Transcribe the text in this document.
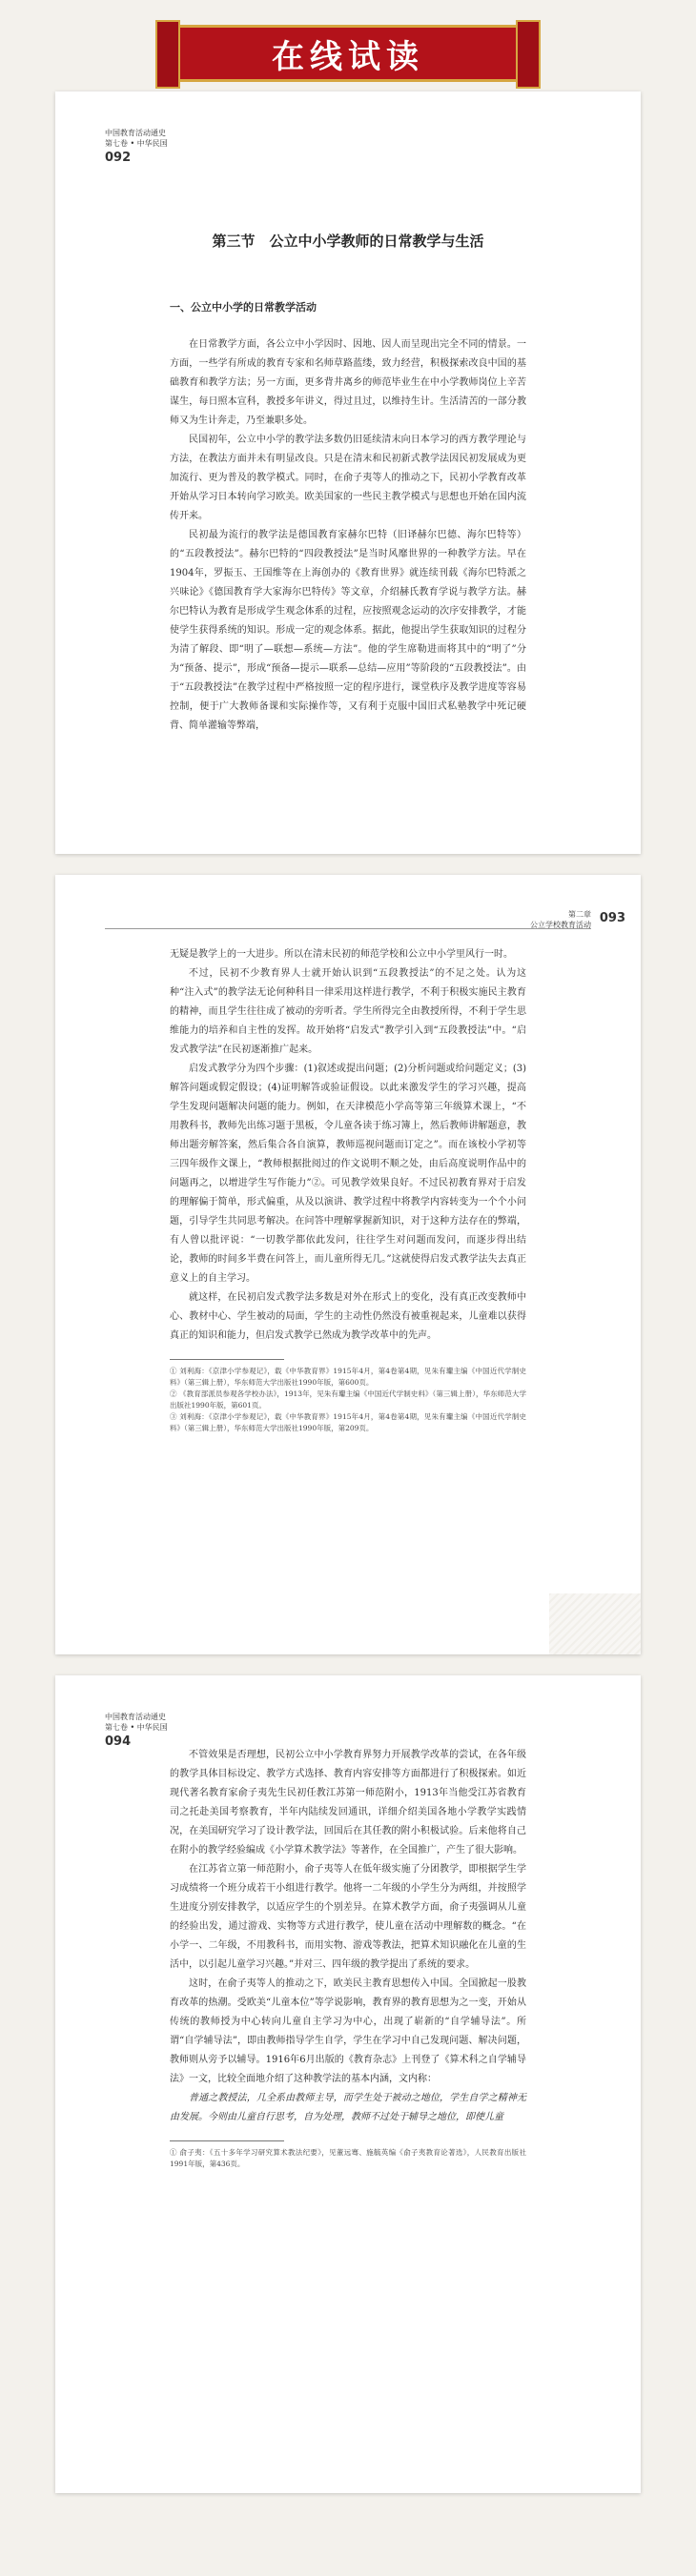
在线试读
中国教育活动通史
第七卷 • 中华民国
092
第三节　公立中小学教师的日常教学与生活
一、公立中小学的日常教学活动

在日常教学方面，各公立中小学因时、因地、因人而呈现出完全不同的情景。一方面，一些学有所成的教育专家和名师草路蓝缕，致力经营，积极探索改良中国的基础教育和教学方法；另一方面，更多背井离乡的师范毕业生在中小学教师岗位上辛苦谋生，每日照本宣科，教授多年讲义，得过且过，以维持生计。生活清苦的一部分教师又为生计奔走，乃至兼职多处。

民国初年，公立中小学的教学法多数仍旧延续清末向日本学习的西方教学理论与方法，在教法方面并未有明显改良。只是在清末和民初新式教学法因民初发展成为更加流行、更为普及的教学模式。同时，在俞子夷等人的推动之下，民初小学教育改革开始从学习日本转向学习欧美。欧美国家的一些民主教学模式与思想也开始在国内流传开来。

民初最为流行的教学法是德国教育家赫尔巴特（旧译赫尔巴德、海尔巴特等）的“五段教授法”。赫尔巴特的“四段教授法”是当时风靡世界的一种教学方法。早在1904年，罗振玉、王国维等在上海创办的《教育世界》就连续刊载《海尔巴特派之兴味论》《德国教育学大家海尔巴特传》等文章，介绍赫氏教育学说与教学方法。赫尔巴特认为教育是形成学生观念体系的过程，应按照观念运动的次序安排教学，才能使学生获得系统的知识。形成一定的观念体系。据此，他提出学生获取知识的过程分为清了解段、即“明了—联想—系统—方法”。他的学生席勒进而将其中的“明了”分为“预备、提示”，形成“预备—提示—联系—总结—应用”等阶段的“五段教授法”。由于“五段教授法”在教学过程中严格按照一定的程序进行，课堂秩序及教学进度等容易控制，便于广大教师备课和实际操作等，又有利于克服中国旧式私塾教学中死记硬背、简单灌输等弊端，

第二章
公立学校教育活动 093

无疑是教学上的一大进步。所以在清末民初的师范学校和公立中小学里风行一时。

不过，民初不少教育界人士就开始认识到“五段教授法”的不足之处。认为这种“注入式”的教学法无论何种科目一律采用这样进行教学，不利于积极实施民主教育的精神，而且学生往往成了被动的旁听者。学生所得完全由教授所得，不利于学生思维能力的培养和自主性的发挥。故开始将“启发式”教学引入到“五段教授法”中。“启发式教学法”在民初逐渐推广起来。

启发式教学分为四个步骤：(1)叙述或提出问题；(2)分析问题或给问题定义；(3)解答问题或假定假设；(4)证明解答或验证假设。以此来激发学生的学习兴趣，提高学生发现问题解决问题的能力。例如，在天津模范小学高等第三年级算术课上，“不用教科书，教师先出练习题于黑板，令儿童各读于练习簿上，然后教师讲解题意，教师出题旁解答案，然后集合各自演算，教师巡视问题而订定之”。而在该校小学初等三四年级作文课上，“教师根据批阅过的作文说明不顺之处，由后高度说明作品中的问题再之，以增进学生写作能力”②。可见教学效果良好。不过民初教育界对于启发的理解偏于简单，形式偏重，从及以演讲、教学过程中将教学内容转变为一个个小问题，引导学生共同思考解决。在问答中理解掌握新知识，对于这种方法存在的弊端，有人曾以批评说：“一切教学都依此发问，往往学生对问题而发问，而逐步得出结论，教师的时间多半费在问答上，而儿童所得无几。”这就使得启发式教学法失去真正意义上的自主学习。

就这样，在民初启发式教学法多数是对外在形式上的变化，没有真正改变教师中心、教材中心、学生被动的局面，学生的主动性仍然没有被重视起来，儿童难以获得真正的知识和能力，但启发式教学已然成为教学改革中的先声。

① 刘利海：《京津小学参观记》，载《中华教育界》1915年4月，第4卷第4期，见朱有瓛主编《中国近代学制史料》（第三辑上册），华东师范大学出版社1990年版，第600页。
② 《教育部派员参观各学校办法》，1913年，见朱有瓛主编《中国近代学制史料》（第三辑上册），华东师范大学出版社1990年版，第601页。
③ 刘利海：《京津小学参观记》，载《中华教育界》1915年4月，第4卷第4期，见朱有瓛主编《中国近代学制史料》（第三辑上册），华东师范大学出版社1990年版，第209页。
中国教育活动通史
第七卷 • 中华民国
094

不管效果是否理想，民初公立中小学教育界努力开展教学改革的尝试，在各年级的教学具体目标设定、教学方式选择、教育内容安排等方面都进行了积极探索。如近现代著名教育家俞子夷先生民初任教江苏第一师范附小，1913年当他受江苏省教育司之托赴美国考察教育，半年内陆续发回通讯，详细介绍美国各地小学教学实践情况，在美国研究学习了设计教学法，回国后在其任教的附小积极试验。后来他将自己在附小的教学经验编成《小学算术教学法》等著作，在全国推广，产生了很大影响。

在江苏省立第一师范附小，俞子夷等人在低年级实施了分团教学，即根据学生学习成绩将一个班分成若干小组进行教学。他将一二年级的小学生分为两组，并按照学生进度分别安排教学，以适应学生的个别差异。在算术教学方面，俞子夷强调从儿童的经验出发，通过游戏、实物等方式进行教学，使儿童在活动中理解数的概念。“在小学一、二年级，不用教科书，而用实物、游戏等教法，把算术知识融化在儿童的生活中，以引起儿童学习兴趣。”并对三、四年级的教学提出了系统的要求。

这时，在俞子夷等人的推动之下，欧美民主教育思想传入中国。全国掀起一股教育改革的热潮。受欧美“儿童本位”等学说影响，教育界的教育思想为之一变，开始从传统的教师授为中心转向儿童自主学习为中心，出现了崭新的“自学辅导法”。所谓“自学辅导法”，即由教师指导学生自学，学生在学习中自己发现问题、解决问题，教师则从旁予以辅导。1916年6月出版的《教育杂志》上刊登了《算术科之自学辅导法》一文，比较全面地介绍了这种教学法的基本内涵，文内称：

普通之教授法，几全系由教师主导，而学生处于被动之地位，学生自学之精神无由发展。今则由儿童自行思考，自为处理，教师不过处于辅导之地位，即使儿童

① 俞子夷：《五十多年学习研究算术教法纪要》，见董远骞、施毓英编《俞子夷教育论著选》，人民教育出版社1991年版，第436页。
